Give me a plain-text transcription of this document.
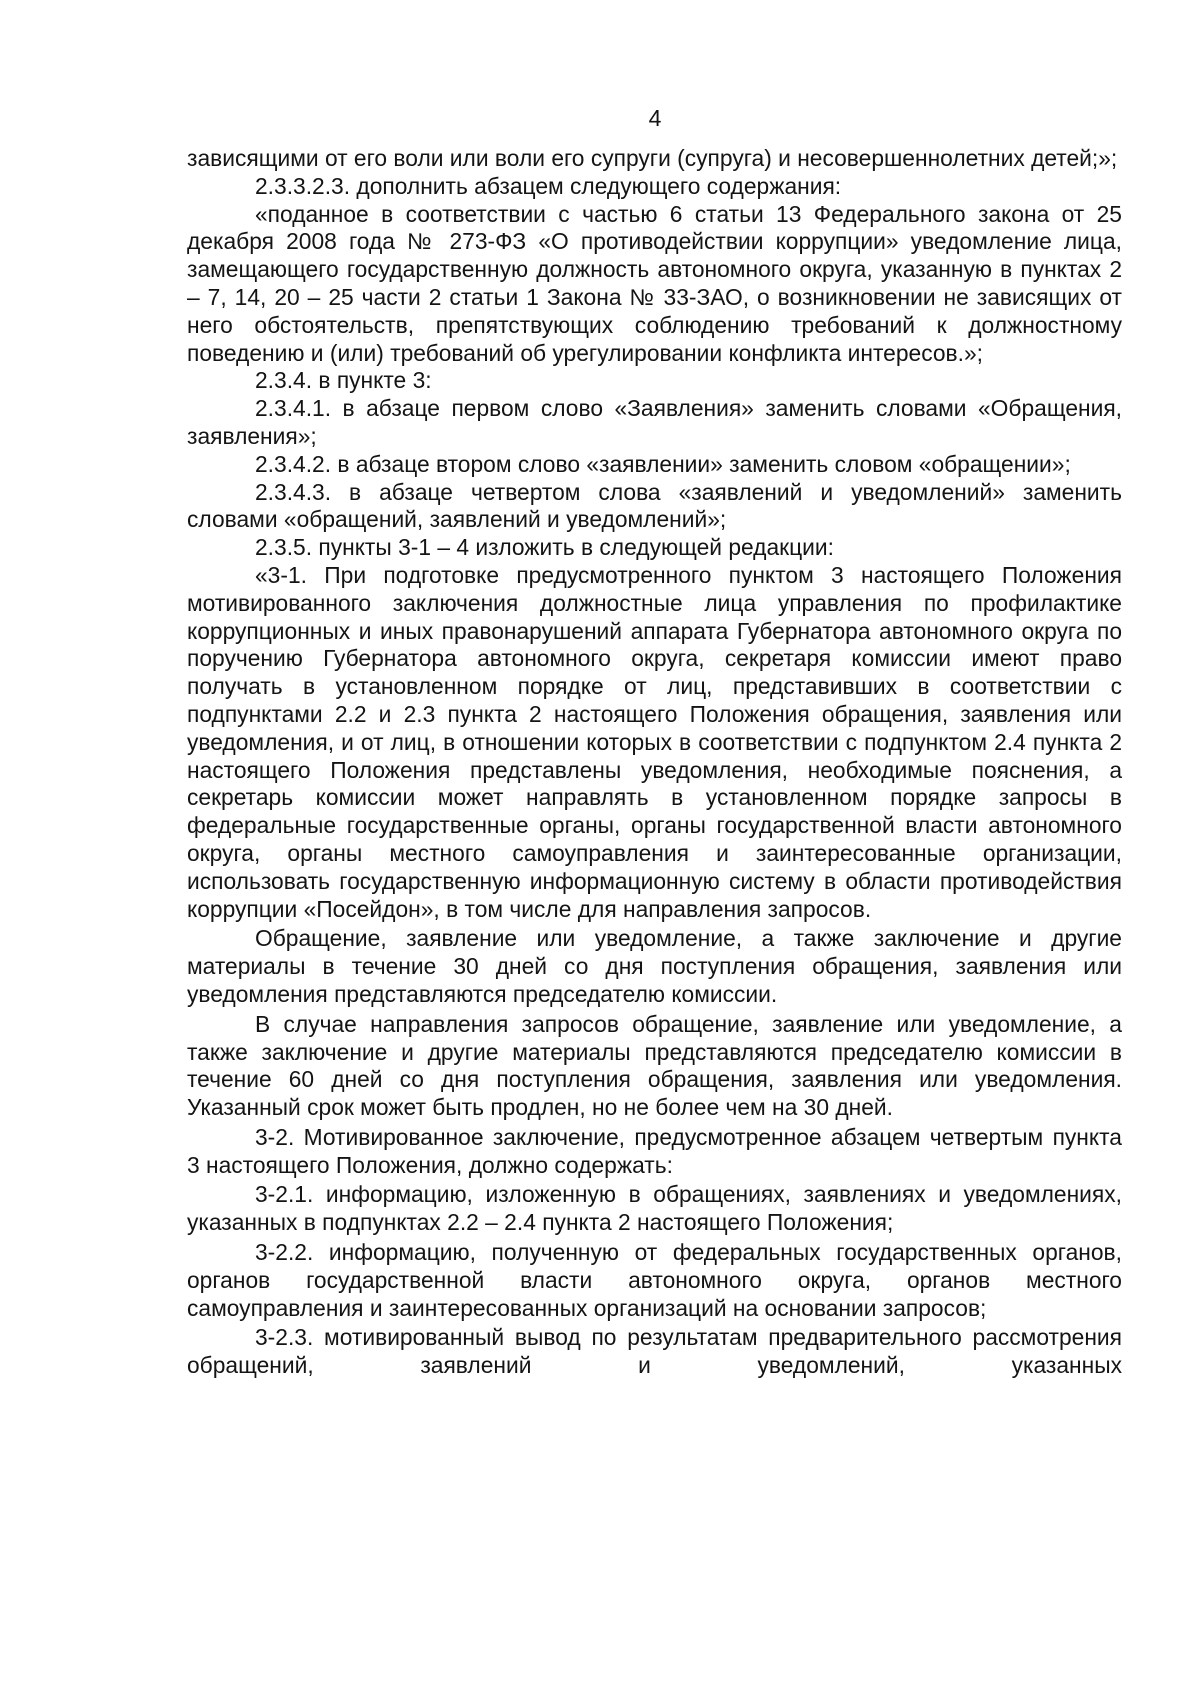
4

зависящими от его воли или воли его супруги (супруга) и несовершеннолетних детей;»;

2.3.3.2.3. дополнить абзацем следующего содержания:

«поданное в соответствии с частью 6 статьи 13 Федерального закона от 25 декабря 2008 года № 273-ФЗ «О противодействии коррупции» уведомление лица, замещающего государственную должность автономного округа, указанную в пунктах 2 – 7, 14, 20 – 25 части 2 статьи 1 Закона № 33-ЗАО, о возникновении не зависящих от него обстоятельств, препятствующих соблюдению требований к должностному поведению и (или) требований об урегулировании конфликта интересов.»;

2.3.4. в пункте 3:

2.3.4.1. в абзаце первом слово «Заявления» заменить словами «Обращения, заявления»;

2.3.4.2. в абзаце втором слово «заявлении» заменить словом «обращении»;

2.3.4.3. в абзаце четвертом слова «заявлений и уведомлений» заменить словами «обращений, заявлений и уведомлений»;

2.3.5. пункты 3-1 – 4 изложить в следующей редакции:

«3-1. При подготовке предусмотренного пунктом 3 настоящего Положения мотивированного заключения должностные лица управления по профилактике коррупционных и иных правонарушений аппарата Губернатора автономного округа по поручению Губернатора автономного округа, секретаря комиссии имеют право получать в установленном порядке от лиц, представивших в соответствии с подпунктами 2.2 и 2.3 пункта 2 настоящего Положения обращения, заявления или уведомления, и от лиц, в отношении которых в соответствии с подпунктом 2.4 пункта 2 настоящего Положения представлены уведомления, необходимые пояснения, а секретарь комиссии может направлять в установленном порядке запросы в федеральные государственные органы, органы государственной власти автономного округа, органы местного самоуправления и заинтересованные организации, использовать государственную информационную систему в области противодействия коррупции «Посейдон», в том числе для направления запросов.

Обращение, заявление или уведомление, а также заключение и другие материалы в течение 30 дней со дня поступления обращения, заявления или уведомления представляются председателю комиссии.

В случае направления запросов обращение, заявление или уведомление, а также заключение и другие материалы представляются председателю комиссии в течение 60 дней со дня поступления обращения, заявления или уведомления. Указанный срок может быть продлен, но не более чем на 30 дней.

3-2. Мотивированное заключение, предусмотренное абзацем четвертым пункта 3 настоящего Положения, должно содержать:

3-2.1. информацию, изложенную в обращениях, заявлениях и уведомлениях, указанных в подпунктах 2.2 – 2.4 пункта 2 настоящего Положения;

3-2.2. информацию, полученную от федеральных государственных органов, органов государственной власти автономного округа, органов местного самоуправления и заинтересованных организаций на основании запросов;

3-2.3. мотивированный вывод по результатам предварительного рассмотрения обращений, заявлений и уведомлений, указанных
